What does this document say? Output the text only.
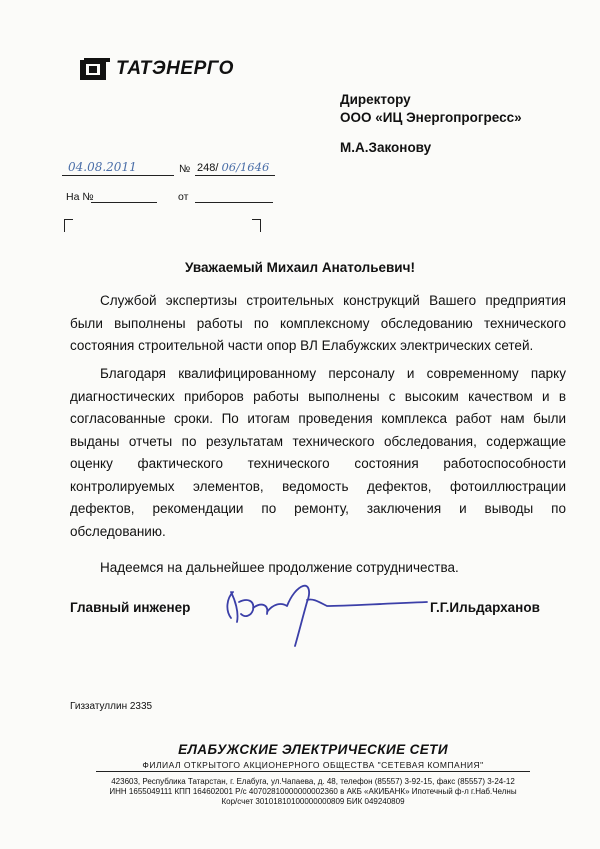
ТАТЭНЕРГО
Директору
ООО «ИЦ Энергопрогресс»
М.А.Законову
04.08.2011	№ 248/ 06/1646
На №	от
Уважаемый Михаил Анатольевич!

Службой экспертизы строительных конструкций Вашего предприятия были выполнены работы по комплексному обследованию технического состояния строительной части опор ВЛ Елабужских электрических сетей.

Благодаря квалифицированному персоналу и современному парку диагностических приборов работы выполнены с высоким качеством и в согласованные сроки. По итогам проведения комплекса работ нам были выданы отчеты по результатам технического обследования, содержащие оценку фактического технического состояния работоспособности контролируемых элементов, ведомость дефектов, фотоиллюстрации дефектов, рекомендации по ремонту, заключения и выводы по обследованию.

Надеемся на дальнейшее продолжение сотрудничества.

Главный инженер	Г.Г.Ильдарханов
Гиззатуллин 2335
ЕЛАБУЖСКИЕ ЭЛЕКТРИЧЕСКИЕ СЕТИ
ФИЛИАЛ ОТКРЫТОГО АКЦИОНЕРНОГО ОБЩЕСТВА "СЕТЕВАЯ КОМПАНИЯ"
423603, Республика Татарстан, г. Елабуга, ул.Чапаева, д. 48, телефон (85557) 3-92-15, факс (85557) 3-24-12
ИНН 1655049111 КПП 164602001 Р/с 40702810000000002360 в АКБ «АКИБАНК» Ипотечный ф-л г.Наб.Челны
Кор/счет 30101810100000000809 БИК 049240809
